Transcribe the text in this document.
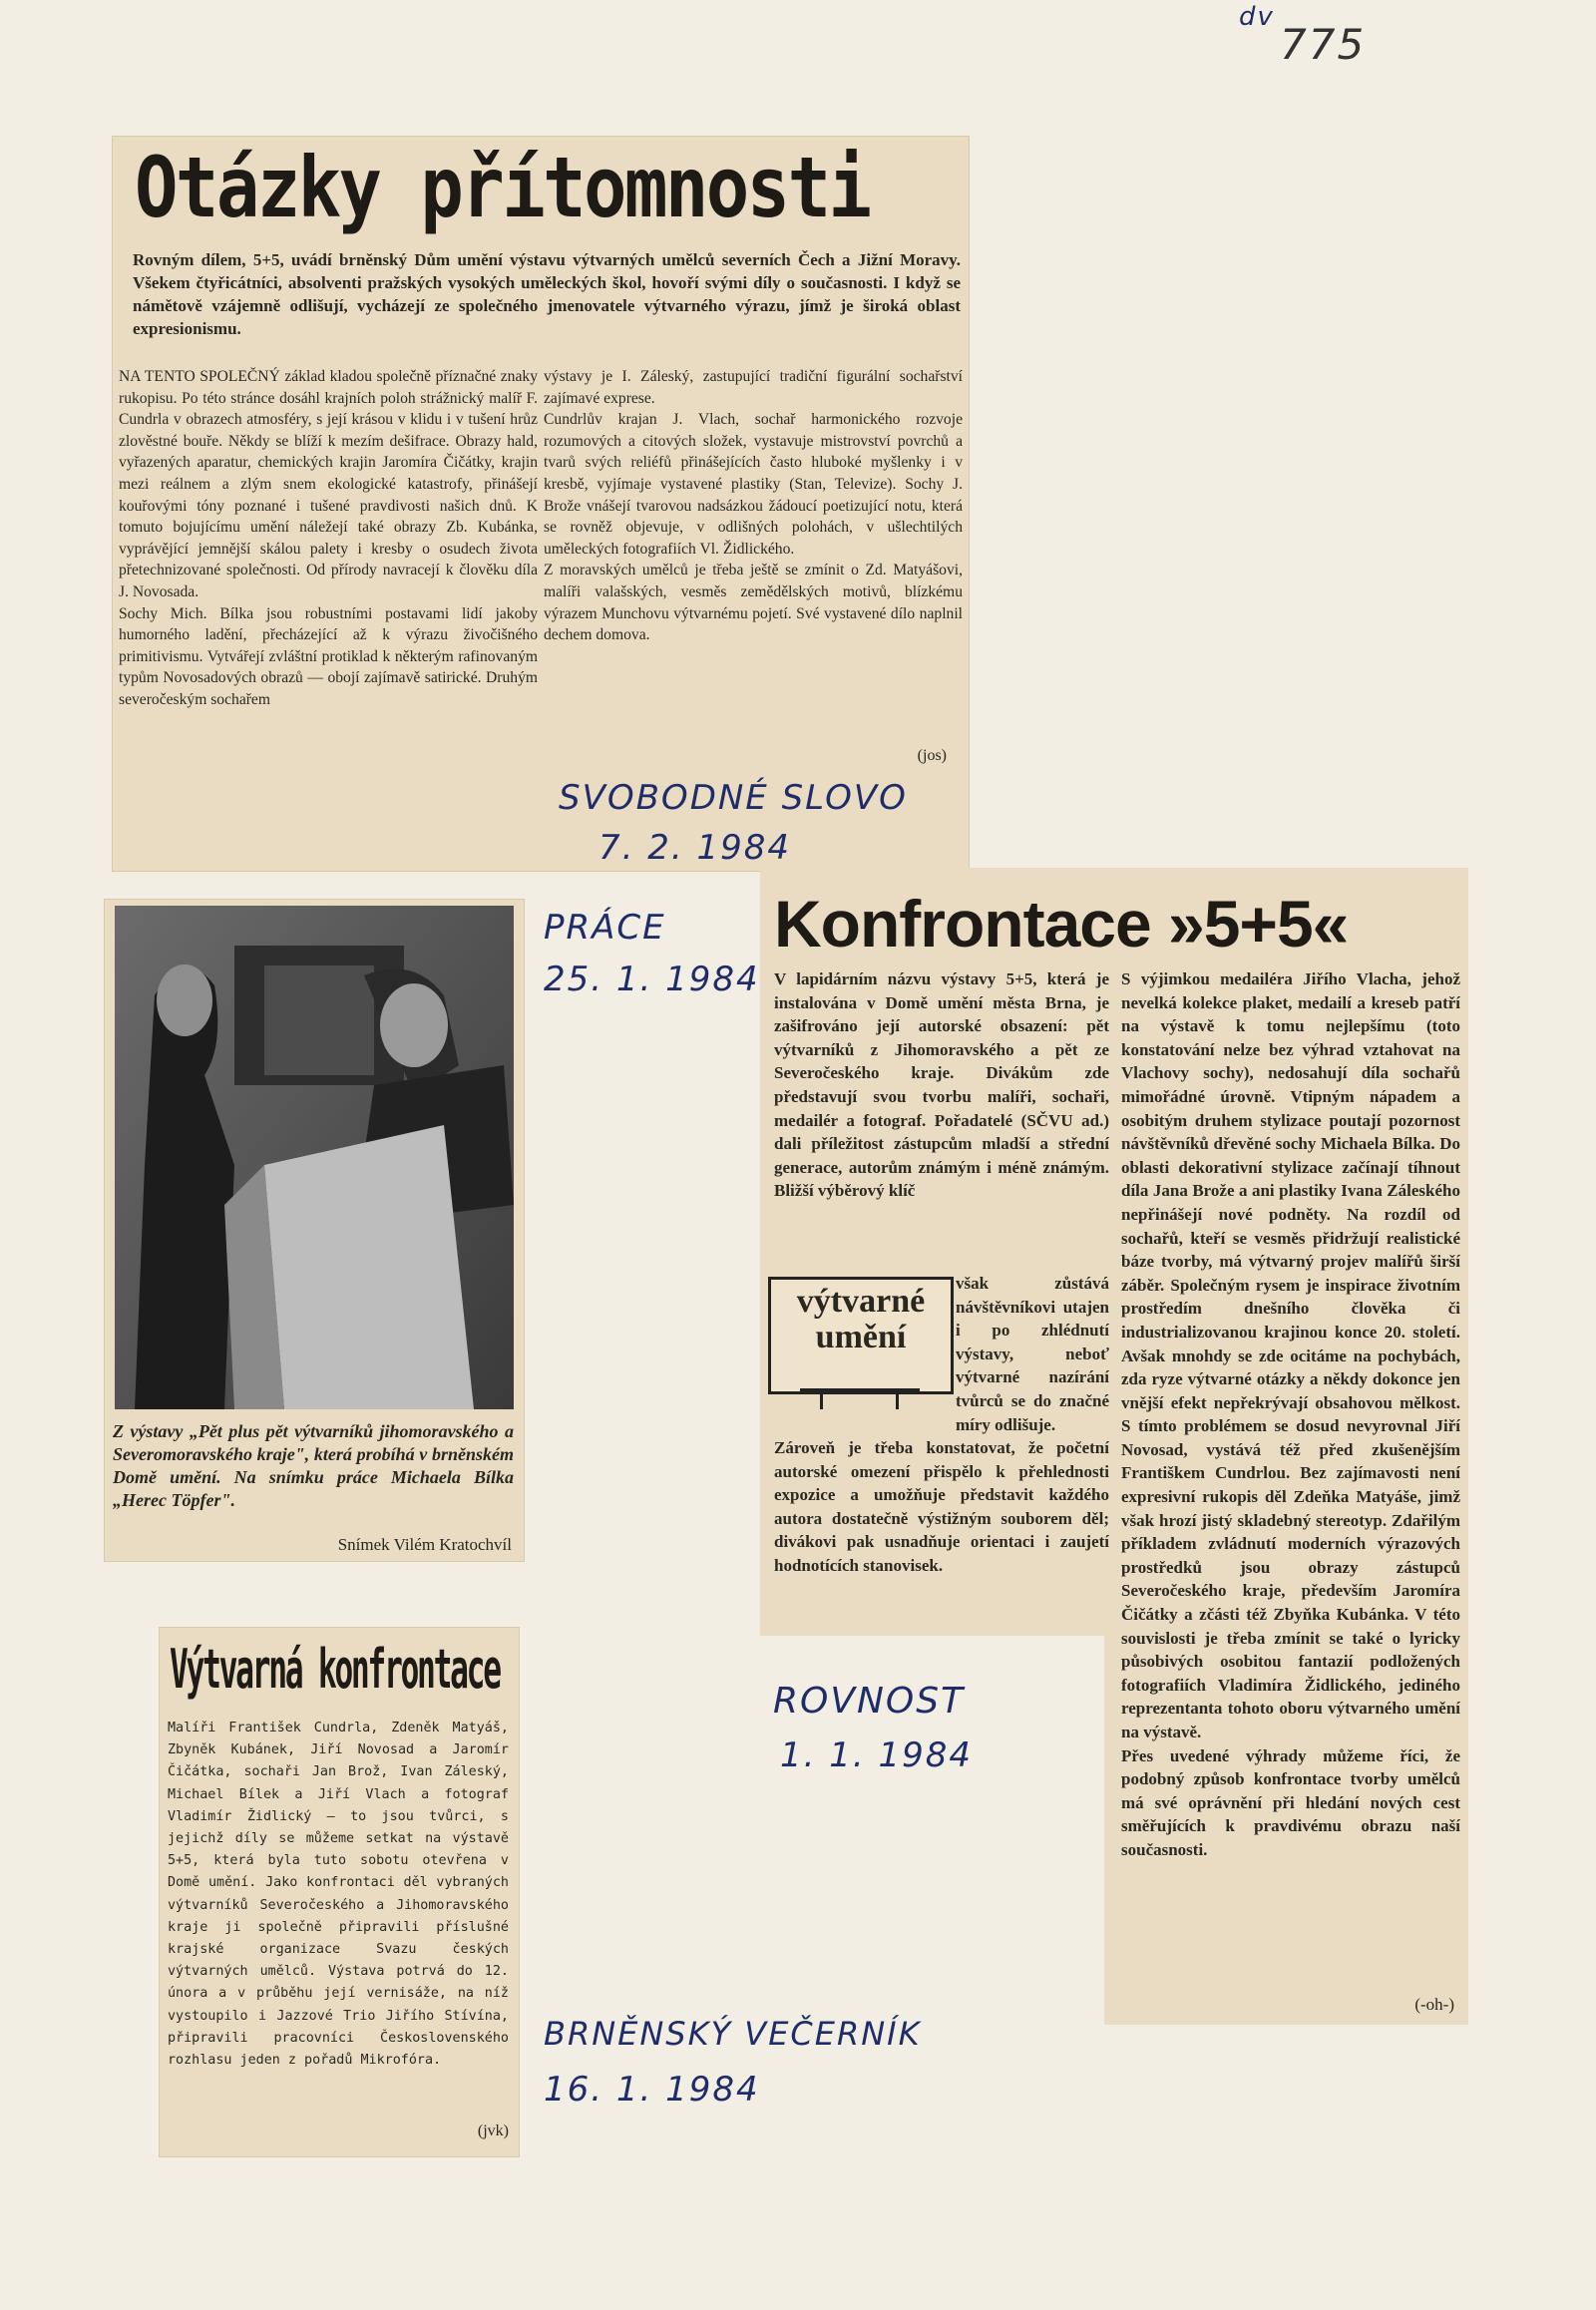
dv
775
Otázky přítomnosti
Rovným dílem, 5+5, uvádí brněnský Dům umění výstavu výtvarných umělců severních Čech a Jižní Moravy. Všekem čtyřicátníci, absolventi pražských vysokých uměleckých škol, hovoří svými díly o současnosti. I když se námětově vzájemně odlišují, vycházejí ze společného jmenovatele výtvarného výrazu, jímž je široká oblast expresionismu.
NA TENTO SPOLEČNÝ základ kladou společně příznačné znaky rukopisu. Po této stránce dosáhl krajních poloh strážnický malíř F. Cundrla v obrazech atmosféry, s její krásou v klidu i v tušení hrůz zlověstné bouře. Někdy se blíží k mezím dešifrace. Obrazy hald, vyřazených aparatur, chemických krajin Jaromíra Čičátky, krajin mezi reálnem a zlým snem ekologické katastrofy, přinášejí kouřovými tóny poznané i tušené pravdivosti našich dnů. K tomuto bojujícímu umění náležejí také obrazy Zb. Kubánka, vyprávějící jemnější skálou palety i kresby o osudech života přetechnizované společnosti. Od přírody navracejí k člověku díla J. Novosada.
Sochy Mich. Bílka jsou robustními postavami lidí jakoby humorného ladění, přecházející až k výrazu živočišného primitivismu. Vytvářejí zvláštní protiklad k některým rafinovaným typům Novosadových obrazů — obojí zajímavě satirické. Druhým severočeským sochařem
výstavy je I. Záleský, zastupující tradiční figurální sochařství zajímavé exprese.
Cundrlův krajan J. Vlach, sochař harmonického rozvoje rozumových a citových složek, vystavuje mistrovství povrchů a tvarů svých reliéfů přinášejících často hluboké myšlenky i v kresbě, vyjímaje vystavené plastiky (Stan, Televize). Sochy J. Brože vnášejí tvarovou nadsázkou žádoucí poetizující notu, která se rovněž objevuje, v odlišných polohách, v ušlechtilých uměleckých fotografiích Vl. Židlického.
Z moravských umělců je třeba ještě se zmínit o Zd. Matyášovi, malíři valašských, vesměs zemědělských motivů, blízkému výrazem Munchovu výtvarnému pojetí. Své vystavené dílo naplnil dechem domova.
(jos)
SVOBODNÉ SLOVO
7. 2. 1984
Z výstavy „Pět plus pět výtvarníků jihomoravského a Severomoravského kraje", která probíhá v brněnském Domě umění. Na snímku práce Michaela Bílka „Herec Töpfer".
Snímek Vilém Kratochvíl
PRÁCE
25. 1. 1984
Výtvarná konfrontace
Malíři František Cundrla, Zdeněk Matyáš, Zbyněk Kubánek, Jiří Novosad a Jaromír Čičátka, sochaři Jan Brož, Ivan Záleský, Michael Bílek a Jiří Vlach a fotograf Vladimír Židlický — to jsou tvůrci, s jejichž díly se můžeme setkat na výstavě 5+5, která byla tuto sobotu otevřena v Domě umění. Jako konfrontaci děl vybraných výtvarníků Severočeského a Jihomoravského kraje ji společně připravili příslušné krajské organizace Svazu českých výtvarných umělců. Výstava potrvá do 12. února a v průběhu její vernisáže, na níž vystoupilo i Jazzové Trio Jiřího Stívína, připravili pracovníci Československého rozhlasu jeden z pořadů Mikrofóra.
(jvk)
BRNĚNSKÝ VEČERNÍK
16. 1. 1984
Konfrontace »5+5«
V lapidárním názvu výstavy 5+5, která je instalována v Domě umění města Brna, je zašifrováno její autorské obsazení: pět výtvarníků z Jihomoravského a pět ze Severočeského kraje. Divákům zde představují svou tvorbu malíři, sochaři, medailér a fotograf. Pořadatelé (SČVU ad.) dali příležitost zástupcům mladší a střední generace, autorům známým i méně známým. Bližší výběrový klíč
výtvarné umění
však zůstává návštěvníkovi utajen i po zhlédnutí výstavy, neboť výtvarné nazírání tvůrců se do značné míry odlišuje.
Zároveň je třeba konstatovat, že početní autorské omezení přispělo k přehlednosti expozice a umožňuje představit každého autora dostatečně výstižným souborem děl; divákovi pak usnadňuje orientaci i zaujetí hodnotících stanovisek.
S výjimkou medailéra Jiřího Vlacha, jehož nevelká kolekce plaket, medailí a kreseb patří na výstavě k tomu nejlepšímu (toto konstatování nelze bez výhrad vztahovat na Vlachovy sochy), nedosahují díla sochařů mimořádné úrovně. Vtipným nápadem a osobitým druhem stylizace poutají pozornost návštěvníků dřevěné sochy Michaela Bílka. Do oblasti dekorativní stylizace začínají tíhnout díla Jana Brože a ani plastiky Ivana Záleského nepřinášejí nové podněty. Na rozdíl od sochařů, kteří se vesměs přidržují realistické báze tvorby, má výtvarný projev malířů širší záběr. Společným rysem je inspirace životním prostředím dnešního člověka či industrializovanou krajinou konce 20. století. Avšak mnohdy se zde ocitáme na pochybách, zda ryze výtvarné otázky a někdy dokonce jen vnější efekt nepřekrývají obsahovou mělkost. S tímto problémem se dosud nevyrovnal Jiří Novosad, vystává též před zkušenějším Františkem Cundrlou. Bez zajímavosti není expresivní rukopis děl Zdeňka Matyáše, jimž však hrozí jistý skladebný stereotyp. Zdařilým příkladem zvládnutí moderních výrazových prostředků jsou obrazy zástupců Severočeského kraje, především Jaromíra Čičátky a zčásti též Zbyňka Kubánka. V této souvislosti je třeba zmínit se také o lyricky působivých osobitou fantazií podložených fotografiích Vladimíra Židlického, jediného reprezentanta tohoto oboru výtvarného umění na výstavě.
Přes uvedené výhrady můžeme říci, že podobný způsob konfrontace tvorby umělců má své oprávnění při hledání nových cest směřujících k pravdivému obrazu naší současnosti.
(-oh-)
ROVNOST
1. 1. 1984
